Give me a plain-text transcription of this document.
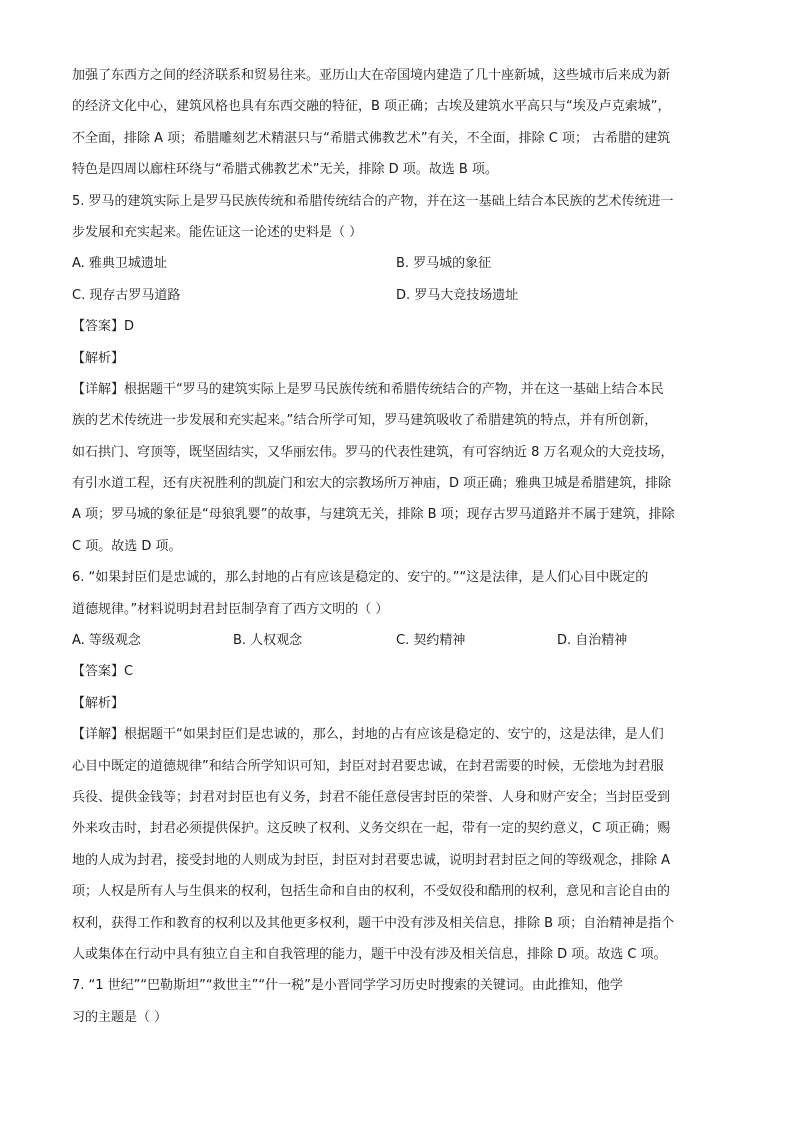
加强了东西方之间的经济联系和贸易往来。亚历山大在帝国境内建造了几十座新城，这些城市后来成为新
的经济文化中心，建筑风格也具有东西交融的特征，B 项正确；古埃及建筑水平高只与“埃及卢克索城”，
不全面，排除 A 项；希腊雕刻艺术精湛只与“希腊式佛教艺术”有关，不全面，排除 C 项； 古希腊的建筑
特色是四周以廊柱环绕与“希腊式佛教艺术”无关，排除 D 项。故选 B 项。
5. 罗马的建筑实际上是罗马民族传统和希腊传统结合的产物，并在这一基础上结合本民族的艺术传统进一
步发展和充实起来。能佐证这一论述的史料是（ ）
A. 雅典卫城遗址	B. 罗马城的象征
C. 现存古罗马道路	D. 罗马大竞技场遗址
【答案】D
【解析】
【详解】根据题干“罗马的建筑实际上是罗马民族传统和希腊传统结合的产物，并在这一基础上结合本民
族的艺术传统进一步发展和充实起来。”结合所学可知，罗马建筑吸收了希腊建筑的特点，并有所创新，
如石拱门、穹顶等，既坚固结实，又华丽宏伟。罗马的代表性建筑，有可容纳近 8 万名观众的大竞技场，
有引水道工程，还有庆祝胜利的凯旋门和宏大的宗教场所万神庙，D 项正确；雅典卫城是希腊建筑，排除
A 项；罗马城的象征是“母狼乳婴”的故事，与建筑无关，排除 B 项；现存古罗马道路并不属于建筑，排除
C 项。故选 D 项。
6. “如果封臣们是忠诚的，那么封地的占有应该是稳定的、安宁的。”“这是法律，是人们心目中既定的
道德规律。”材料说明封君封臣制孕育了西方文明的（ ）
A. 等级观念	B. 人权观念	C. 契约精神	D. 自治精神
【答案】C
【解析】
【详解】根据题干“如果封臣们是忠诚的，那么，封地的占有应该是稳定的、安宁的，这是法律，是人们
心目中既定的道德规律”和结合所学知识可知，封臣对封君要忠诚，在封君需要的时候，无偿地为封君服
兵役、提供金钱等；封君对封臣也有义务，封君不能任意侵害封臣的荣誉、人身和财产安全；当封臣受到
外来攻击时，封君必须提供保护。这反映了权利、义务交织在一起，带有一定的契约意义，C 项正确；赐
地的人成为封君，接受封地的人则成为封臣，封臣对封君要忠诚，说明封君封臣之间的等级观念，排除 A
项；人权是所有人与生俱来的权利，包括生命和自由的权利，不受奴役和酷刑的权利，意见和言论自由的
权利，获得工作和教育的权利以及其他更多权利，题干中没有涉及相关信息，排除 B 项；自治精神是指个
人或集体在行动中具有独立自主和自我管理的能力，题干中没有涉及相关信息，排除 D 项。故选 C 项。
7. “1 世纪”“巴勒斯坦”“救世主”“什一税”是小晋同学学习历史时搜索的关键词。由此推知，他学
习的主题是（ ）
